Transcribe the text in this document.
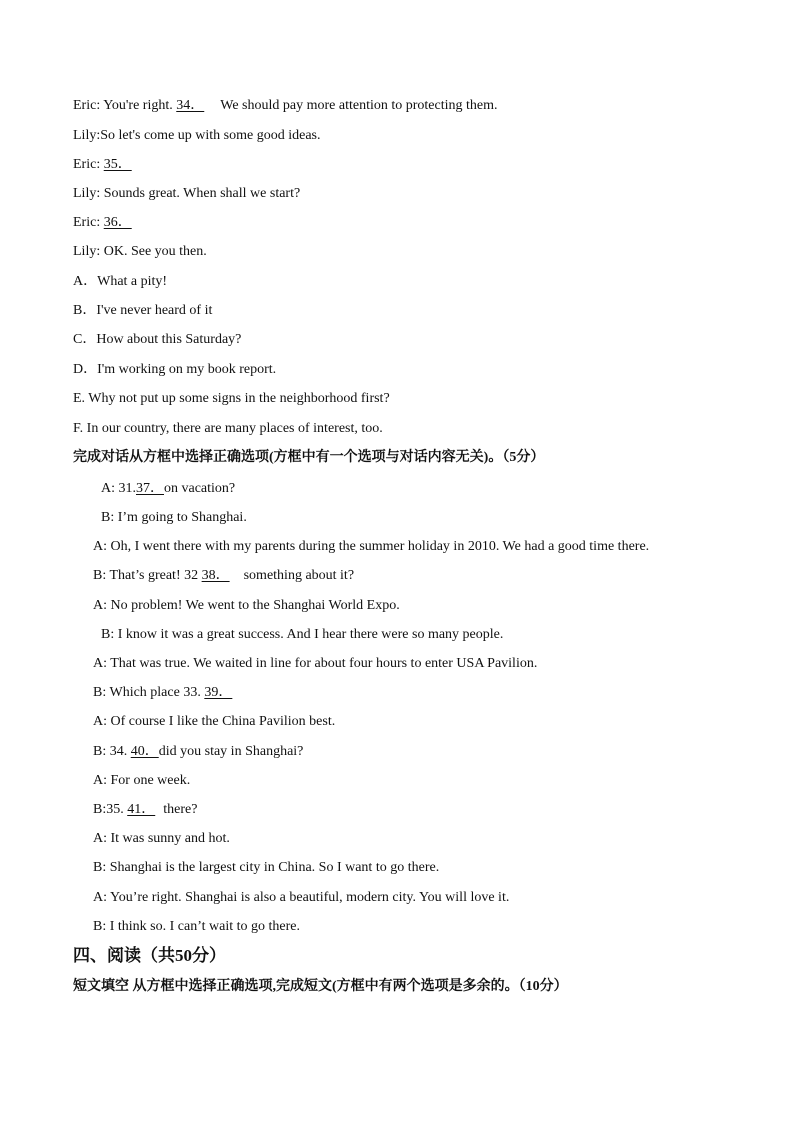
Eric: You're right. 34． We should pay more attention to protecting them.
Lily:So let's come up with some good ideas.
Eric: 35．
Lily: Sounds great. When shall we start?
Eric: 36．
Lily: OK. See you then.
A．What a pity!
B．I've never heard of it
C．How about this Saturday?
D．I'm working on my book report.
E. Why not put up some signs in the neighborhood first?
F. In our country, there are many places of interest, too.
完成对话从方框中选择正确选项(方框中有一个选项与对话内容无关)。（5分）
A: 31.37．on vacation?
B: I’m going to Shanghai.
A: Oh, I went there with my parents during the summer holiday in 2010. We had a good time there.
B: That’s great! 32 38． something about it?
A: No problem! We went to the Shanghai World Expo.
B: I know it was a great success. And I hear there were so many people.
A: That was true. We waited in line for about four hours to enter USA Pavilion.
B: Which place 33. 39．
A: Of course I like the China Pavilion best.
B: 34. 40．did you stay in Shanghai?
A: For one week.
B:35. 41． there?
A: It was sunny and hot.
B: Shanghai is the largest city in China. So I want to go there.
A: You’re right. Shanghai is also a beautiful, modern city. You will love it.
B: I think so. I can’t wait to go there.
四、阅读（共50分）
短文填空 从方框中选择正确选项,完成短文(方框中有两个选项是多余的。（10分）
